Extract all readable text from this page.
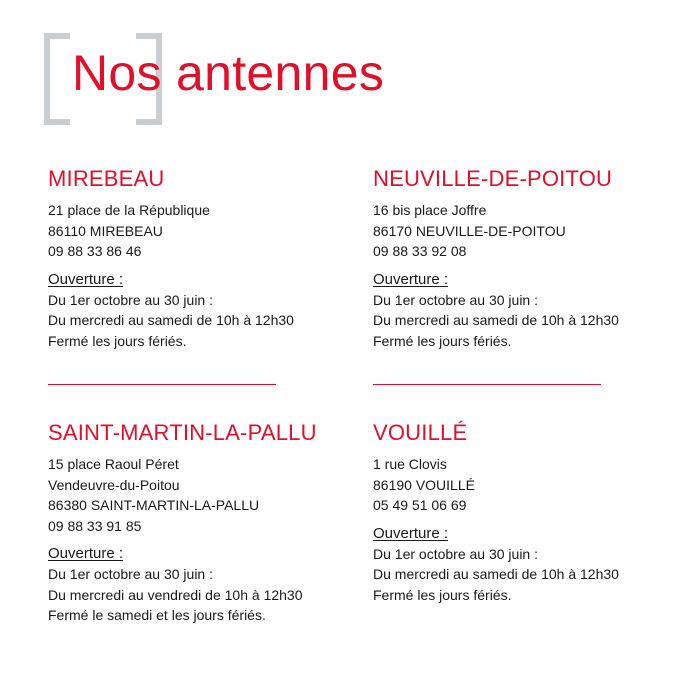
Nos antennes
MIREBEAU
21 place de la République
86110 MIREBEAU
09 88 33 86 46
Ouverture :
Du 1er octobre au 30 juin :
Du mercredi au samedi de 10h à 12h30
Fermé les jours fériés.
NEUVILLE-DE-POITOU
16 bis place Joffre
86170 NEUVILLE-DE-POITOU
09 88 33 92 08
Ouverture :
Du 1er octobre au 30 juin :
Du mercredi au samedi de 10h à 12h30
Fermé les jours fériés.
SAINT-MARTIN-LA-PALLU
15 place Raoul Péret
Vendeuvre-du-Poitou
86380 SAINT-MARTIN-LA-PALLU
09 88 33 91 85
Ouverture :
Du 1er octobre au 30 juin :
Du mercredi au vendredi de 10h à 12h30
Fermé le samedi et les jours fériés.
VOUILLÉ
1 rue Clovis
86190 VOUILLÉ
05 49 51 06 69
Ouverture :
Du 1er octobre au 30 juin :
Du mercredi au samedi de 10h à 12h30
Fermé les jours fériés.
